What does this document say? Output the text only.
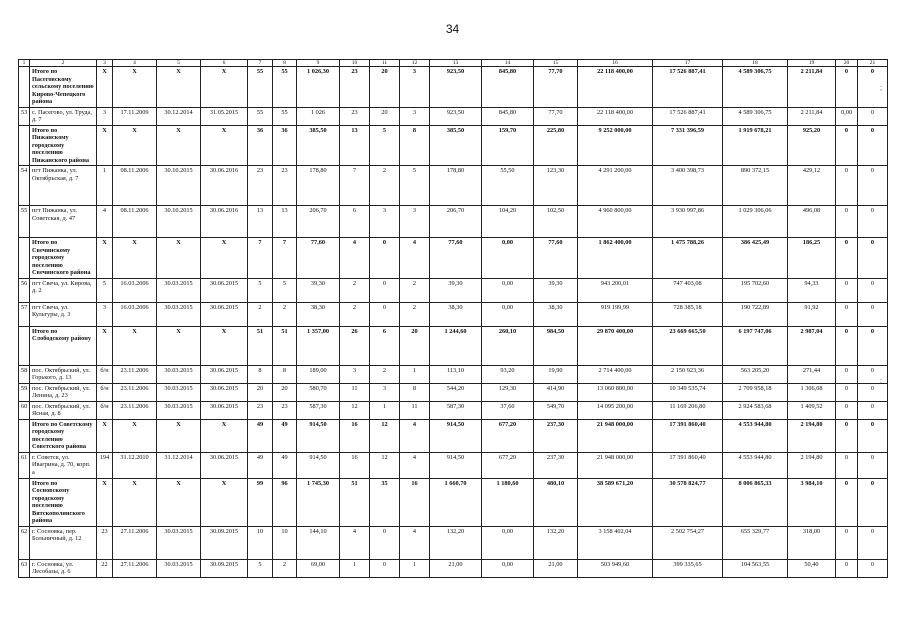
34
1	2	3	4	5	6	7	8	9	10	11	12	13	14	15	16	17	18	19	20	21
	Итого по Пасеговскому сельскому поселению Кирово-Чепецкого района	X	X	X	X	55	55	1 026,30	23	20	3	923,50	845,80	77,70	22 118 400,00	17 526 887,41	4 589 306,75	2 211,84	0	0
53	с. Пасегово, ул. Труда, д. 7	3	17.11.2009	30.12.2014	31.05.2015	55	55	1 026	23	20	3	923,50	845,80	77,70	22 118 400,00	17 526 887,41	4 589 306,75	2 211,84	0,00	0
	Итого по Пижанскому городскому поселению Пижанского района	X	X	X	X	36	36	385,50	13	5	8	385,50	159,70	225,80	9 252 000,00	7 331 396,59	1 919 678,21	925,20	0	0
54	пгт Пижанка, ул. Октябрьская, д. 7	1	08.11.2006	30.10.2015	30.06.2016	23	23	178,80	7	2	5	178,80	55,50	123,30	4 291 200,00	3 400 398,73	890 372,15	429,12	0	0
55	пгт Пижанка, ул. Советская, д. 47	4	08.11.2006	30.10.2015	30.06.2016	13	13	206,70	6	3	3	206,70	104,20	102,50	4 960 800,00	3 930 997,86	1 029 306,06	496,08	0	0
	Итого по Свечинскому городскому поселению Свечинского района	X	X	X	X	7	7	77,60	4	0	4	77,60	0,00	77,60	1 862 400,00	1 475 788,26	386 425,49	186,25	0	0
56	пгт Свеча, ул. Кирова, д. 2	5	16.03.2006	30.03.2015	30.06.2015	5	5	39,30	2	0	2	39,30	0,00	39,30	943 200,01	747 403,08	195 702,60	94,33	0	0
57	пгт Свеча, ул. Культуры, д. 3	3	16.03.2006	30.03.2015	30.06.2015	2	2	38,30	2	0	2	38,30	0,00	38,30	919 199,99	728 385,18	190 722,89	91,92	0	0
	Итого по Слободскому району	X	X	X	X	51	51	1 357,00	26	6	20	1 244,60	260,10	984,50	29 870 400,00	23 669 665,50	6 197 747,06	2 987,04	0	0
58	пос. Октябрьский, ул. Горького, д. 13	б/н	23.11.2006	30.03.2015	30.06.2015	8	8	189,00	3	2	1	113,10	93,20	19,90	2 714 400,00	2 150 923,36	563 205,20	271,44	0	0
59	пос. Октябрьский, ул. Ленина, д. 23	б/н	23.11.2006	30.03.2015	30.06.2015	20	20	580,70	11	3	8	544,20	129,30	414,90	13 060 800,00	10 349 535,74	2 709 958,18	1 306,08	0	0
60	пос. Октябрьский, ул. Ясная, д. 8	б/н	23.11.2006	30.03.2015	30.06.2015	23	23	587,30	12	1	11	587,30	37,60	549,70	14 095 200,00	11 169 206,80	2 924 583,68	1 409,52	0	0
	Итого по Советскому городскому поселению Советского района	X	X	X	X	49	49	914,50	16	12	4	914,50	677,20	237,30	21 948 000,00	17 391 860,40	4 553 944,80	2 194,80	0	0
61	г. Советск, ул. Ивагрина, д. 70, корп. а	194	31.12.2010	31.12.2014	30.06.2015	49	49	914,50	16	12	4	914,50	677,20	237,30	21 948 000,00	17 391 860,40	4 553 944,80	2 194,80	0	0
	Итого по Сосновскому городскому поселению Вятскополянского района	X	X	X	X	99	96	1 745,30	51	35	16	1 660,70	1 180,60	480,10	38 589 671,20	30 578 824,77	8 006 865,33	3 984,10	0	0
62	г. Сосновка, пер. Больничный, д. 12	23	27.11.2006	30.03.2015	30.09.2015	10	10	144,10	4	0	4	132,20	0,00	132,20	3 158 402,04	2 502 754,27	655 329,77	318,00	0	0
63	г. Сосновка, ул. Лесобазы, д. 6	22	27.11.2006	30.03.2015	30.09.2015	5	2	69,00	1	0	1	21,00	0,00	21,00	503 949,60	399 335,65	104 563,55	50,40	0	0
;
;
